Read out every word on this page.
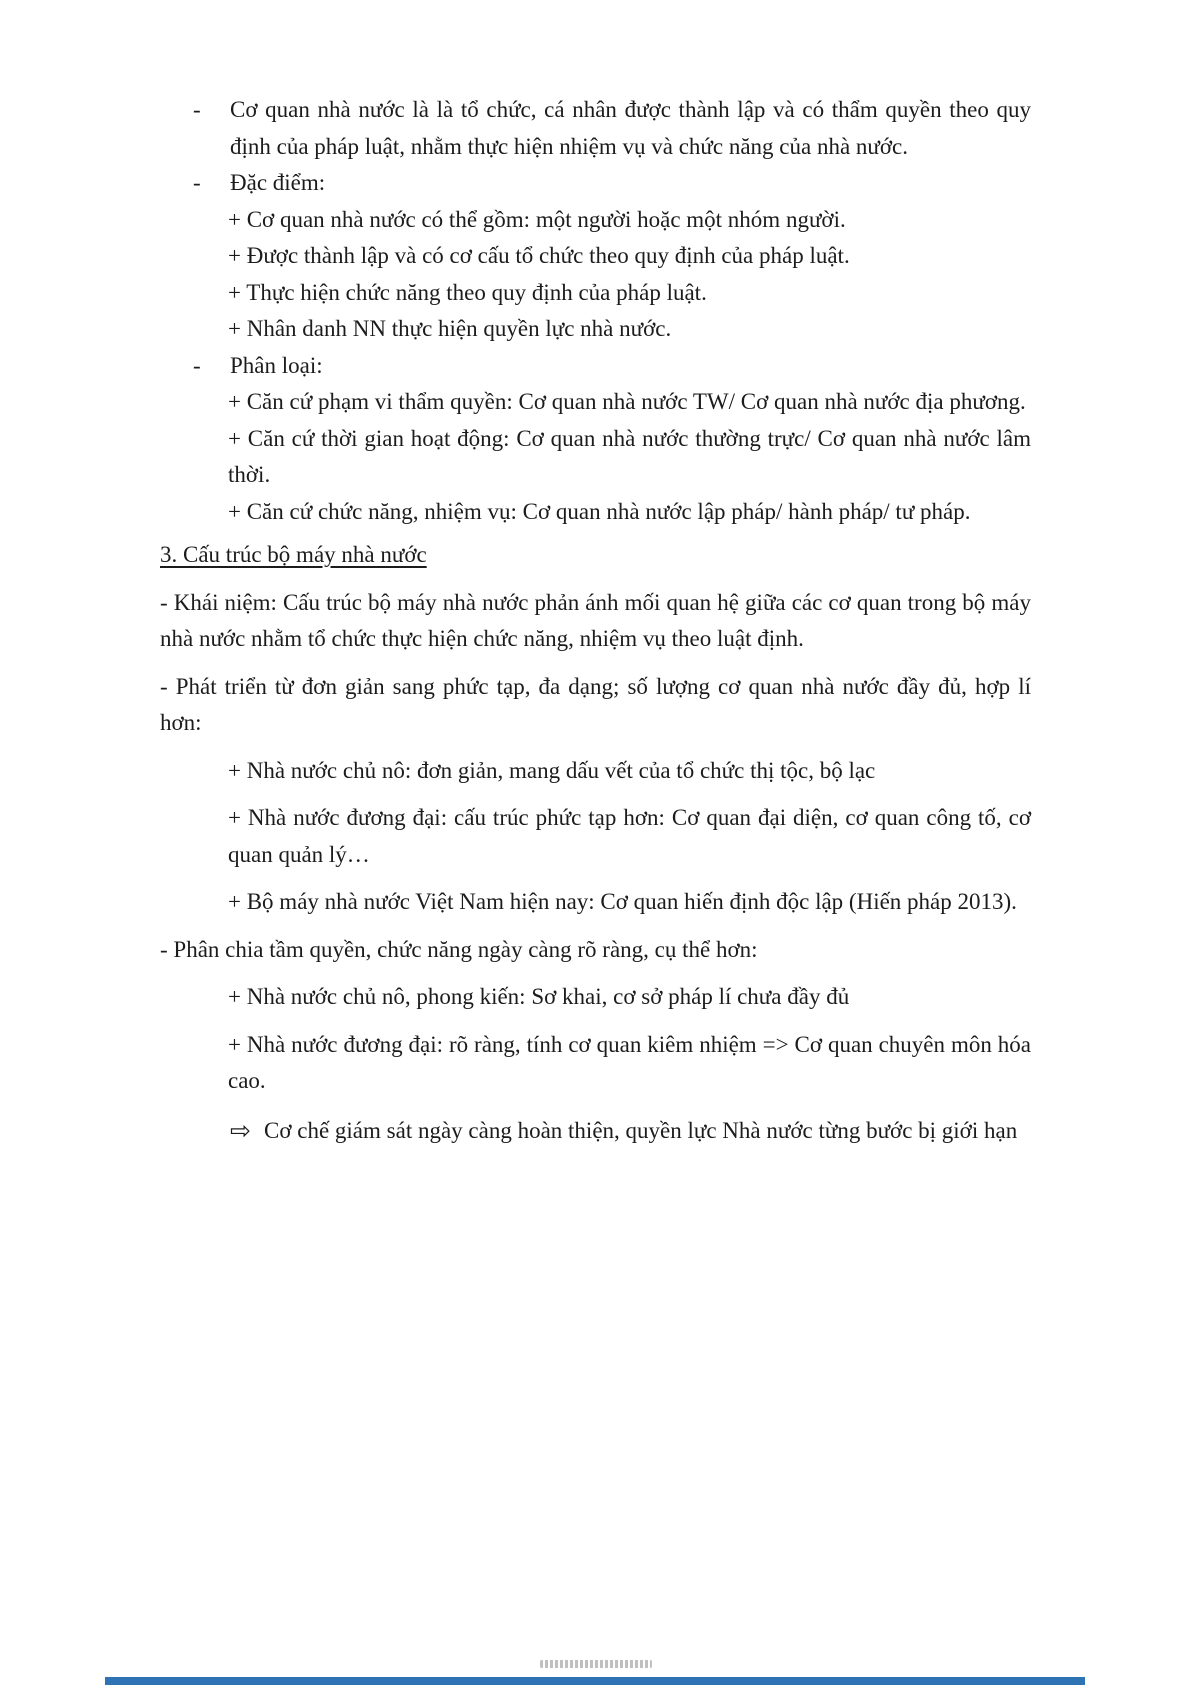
-	Cơ quan nhà nước là là tổ chức, cá nhân được thành lập và có thẩm quyền theo quy định của pháp luật, nhằm thực hiện nhiệm vụ và chức năng của nhà nước.
-	Đặc điểm:
+ Cơ quan nhà nước có thể gồm: một người hoặc một nhóm người.
+ Được thành lập và có cơ cấu tổ chức theo quy định của pháp luật.
+ Thực hiện chức năng theo quy định của pháp luật.
+ Nhân danh NN thực hiện quyền lực nhà nước.
-	Phân loại:
+ Căn cứ phạm vi thẩm quyền: Cơ quan nhà nước TW/ Cơ quan nhà nước địa phương.
+ Căn cứ thời gian hoạt động: Cơ quan nhà nước thường trực/ Cơ quan nhà nước lâm thời.
+ Căn cứ chức năng, nhiệm vụ: Cơ quan nhà nước lập pháp/ hành pháp/ tư pháp.
3. Cấu trúc bộ máy nhà nước
- Khái niệm: Cấu trúc bộ máy nhà nước phản ánh mối quan hệ giữa các cơ quan trong bộ máy nhà nước nhằm tổ chức thực hiện chức năng, nhiệm vụ theo luật định.
- Phát triển từ đơn giản sang phức tạp, đa dạng; số lượng cơ quan nhà nước đầy đủ, hợp lí hơn:
+ Nhà nước chủ nô: đơn giản, mang dấu vết của tổ chức thị tộc, bộ lạc
+ Nhà nước đương đại: cấu trúc phức tạp hơn: Cơ quan đại diện, cơ quan công tố, cơ quan quản lý…
+ Bộ máy nhà nước Việt Nam hiện nay: Cơ quan hiến định độc lập (Hiến pháp 2013).
- Phân chia tầm quyền, chức năng ngày càng rõ ràng, cụ thể hơn:
+ Nhà nước chủ nô, phong kiến: Sơ khai, cơ sở pháp lí chưa đầy đủ
+ Nhà nước đương đại: rõ ràng, tính cơ quan kiêm nhiệm => Cơ quan chuyên môn hóa cao.
⇨ Cơ chế giám sát ngày càng hoàn thiện, quyền lực Nhà nước từng bước bị giới hạn
